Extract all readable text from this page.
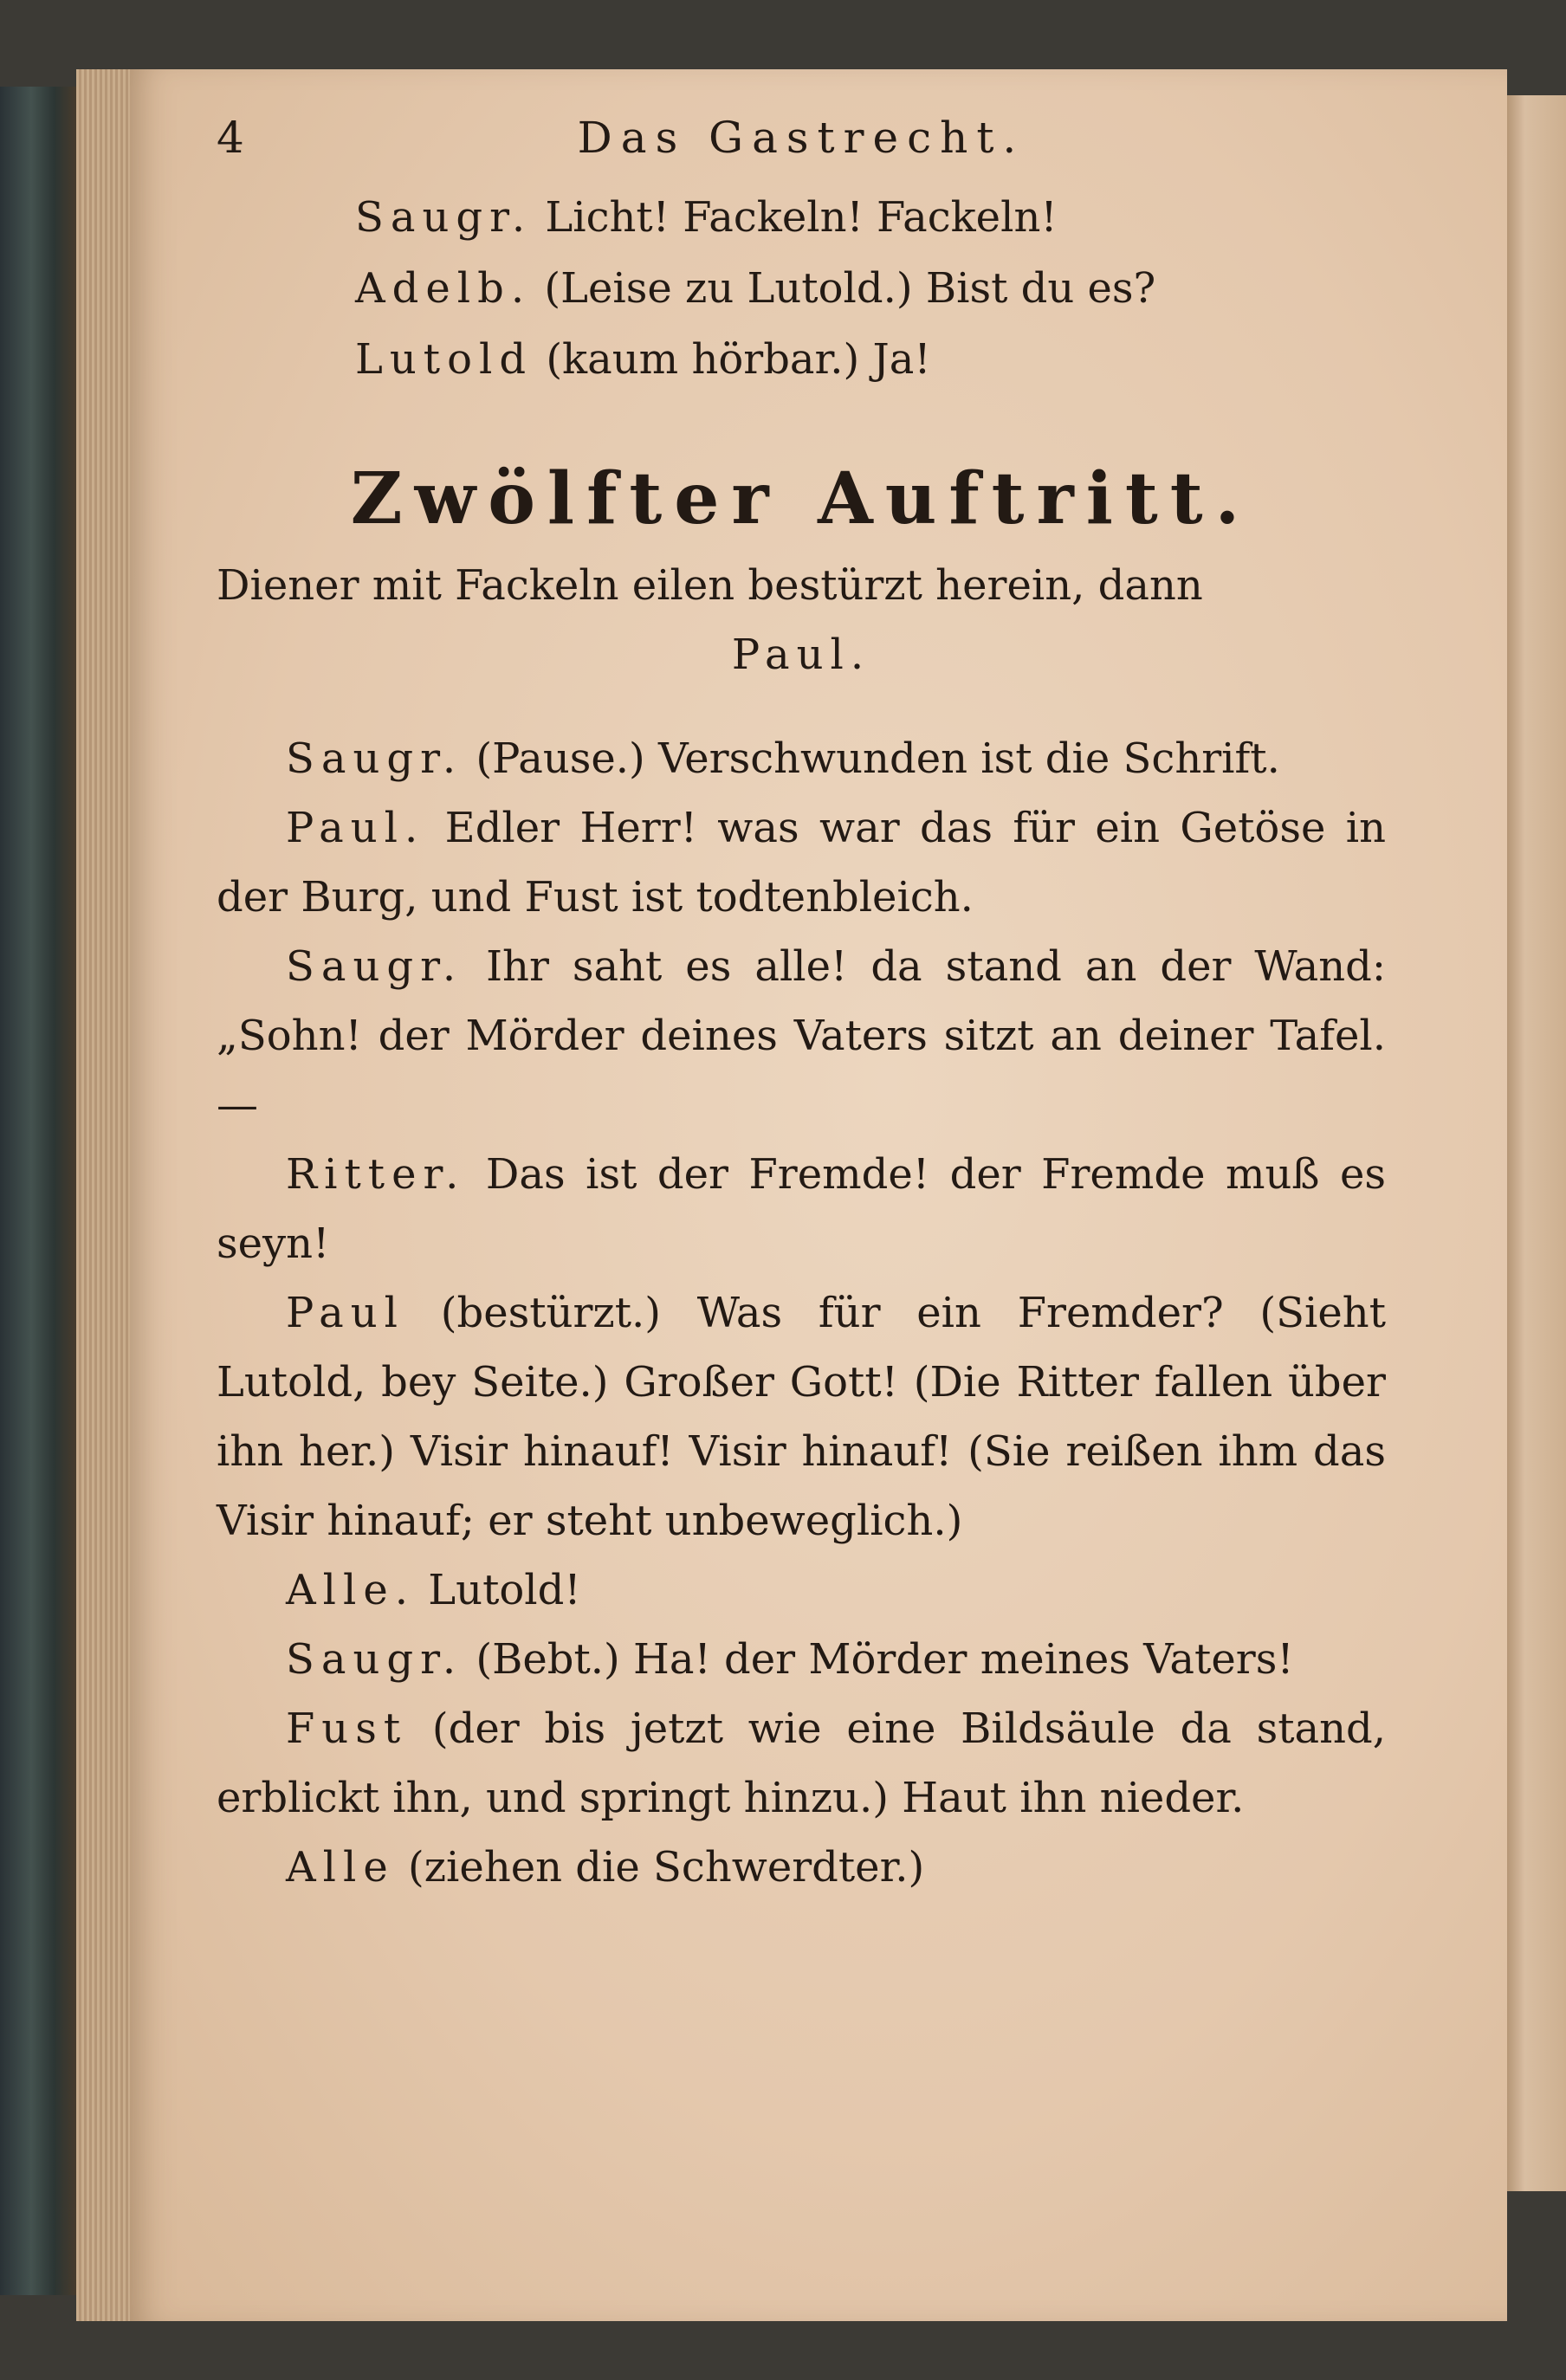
4	Das Gastrecht.
Saugr. Licht! Fackeln! Fackeln!
Adelb. (Leise zu Lutold.) Bist du es?
Lutold (kaum hörbar.) Ja!
Zwölfter Auftritt.
Diener mit Fackeln eilen bestürzt herein, dann
Paul.

Saugr. (Pause.) Verschwunden ist die Schrift.

Paul. Edler Herr! was war das für ein Getöse in der Burg, und Fust ist todtenbleich.

Saugr. Ihr saht es alle! da stand an der Wand: „Sohn! der Mörder deines Vaters sitzt an deiner Tafel. —

Ritter. Das ist der Fremde! der Fremde muß es seyn!

Paul (bestürzt.) Was für ein Fremder? (Sieht Lutold, bey Seite.) Großer Gott! (Die Ritter fallen über ihn her.) Visir hinauf! Visir hinauf! (Sie reißen ihm das Visir hinauf; er steht unbeweglich.)

Alle. Lutold!

Saugr. (Bebt.) Ha! der Mörder meines Vaters!

Fust (der bis jetzt wie eine Bildsäule da stand, erblickt ihn, und springt hinzu.) Haut ihn nieder.

Alle (ziehen die Schwerdter.)
